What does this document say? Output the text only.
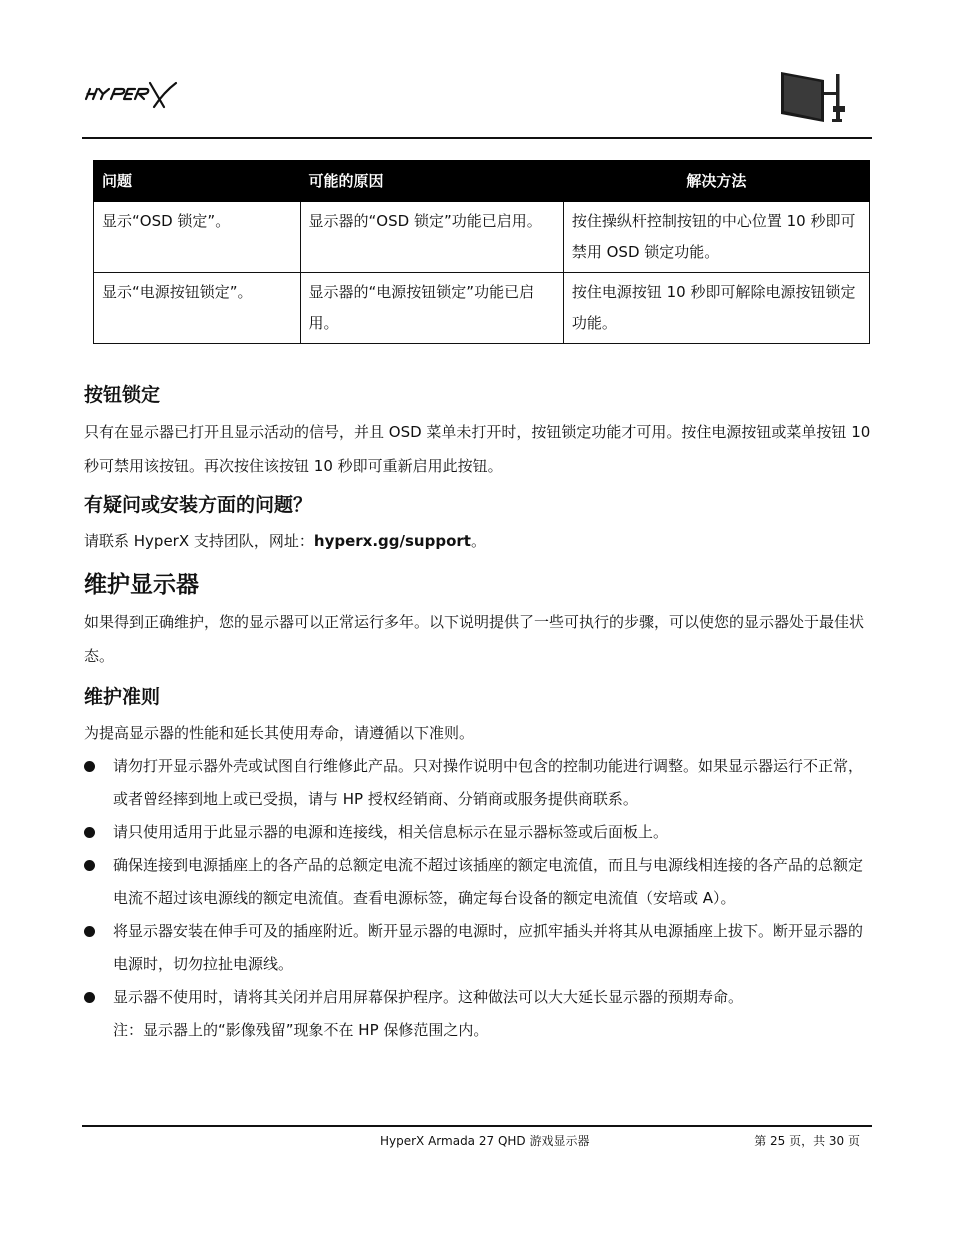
HYPERX
问题	可能的原因	解决方法
显示“OSD 锁定”。	显示器的“OSD 锁定”功能已启用。	按住操纵杆控制按钮的中心位置 10 秒即可禁用 OSD 锁定功能。
显示“电源按钮锁定”。	显示器的“电源按钮锁定”功能已启用。	按住电源按钮 10 秒即可解除电源按钮锁定功能。
按钮锁定

只有在显示器已打开且显示活动的信号，并且 OSD 菜单未打开时，按钮锁定功能才可用。按住电源按钮或菜单按钮 10 秒可禁用该按钮。再次按住该按钮 10 秒即可重新启用此按钮。

有疑问或安装方面的问题？

请联系 HyperX 支持团队，网址：hyperx.gg/support。

维护显示器

如果得到正确维护，您的显示器可以正常运行多年。以下说明提供了一些可执行的步骤，可以使您的显示器处于最佳状态。

维护准则

为提高显示器的性能和延长其使用寿命，请遵循以下准则。

请勿打开显示器外壳或试图自行维修此产品。只对操作说明中包含的控制功能进行调整。如果显示器运行不正常，或者曾经摔到地上或已受损，请与 HP 授权经销商、分销商或服务提供商联系。
请只使用适用于此显示器的电源和连接线，相关信息标示在显示器标签或后面板上。
确保连接到电源插座上的各产品的总额定电流不超过该插座的额定电流值，而且与电源线相连接的各产品的总额定电流不超过该电源线的额定电流值。查看电源标签，确定每台设备的额定电流值（安培或 A）。
将显示器安装在伸手可及的插座附近。断开显示器的电源时，应抓牢插头并将其从电源插座上拔下。断开显示器的电源时，切勿拉扯电源线。
显示器不使用时，请将其关闭并启用屏幕保护程序。这种做法可以大大延长显示器的预期寿命。
注：显示器上的“影像残留”现象不在 HP 保修范围之内。
HyperX Armada 27 QHD 游戏显示器	第 25 页，共 30 页
